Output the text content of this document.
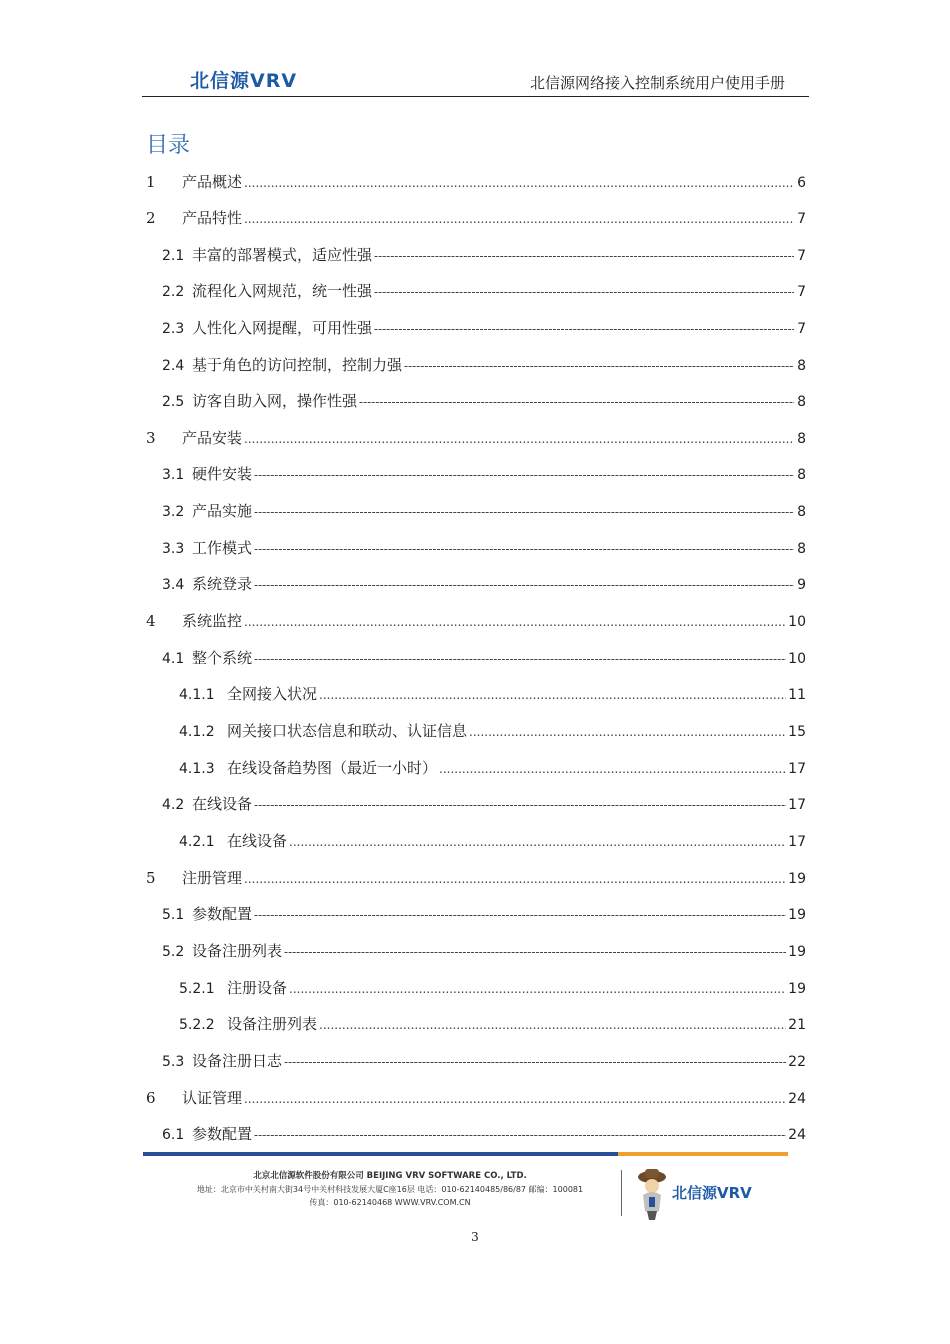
北信源VRV	北信源网络接入控制系统用户使用手册
目录
1	产品概述 .....	6
2	产品特性 .....	7
2.1 丰富的部署模式，适应性强 -----	7
2.2 流程化入网规范，统一性强 -----	7
2.3 人性化入网提醒，可用性强 -----	7
2.4 基于角色的访问控制，控制力强 -----	8
2.5 访客自助入网，操作性强 -----	8
3	产品安装 .....	8
3.1 硬件安装 -----	8
3.2 产品实施 -----	8
3.3 工作模式 -----	8
3.4 系统登录 -----	9
4	系统监控 .....	10
4.1 整个系统 -----	10
4.1.1 全网接入状况 .....	11
4.1.2 网关接口状态信息和联动、认证信息 .....	15
4.1.3 在线设备趋势图（最近一小时） .....	17
4.2 在线设备 -----	17
4.2.1 在线设备 .....	17
5	注册管理 .....	19
5.1 参数配置 -----	19
5.2 设备注册列表 -----	19
5.2.1 注册设备 .....	19
5.2.2 设备注册列表 .....	21
5.3 设备注册日志 -----	22
6	认证管理 .....	24
6.1 参数配置 -----	24
北京北信源软件股份有限公司 BEIJING VRV SOFTWARE CO., LTD.
地址：北京市中关村南大街34号中关村科技发展大厦C座16层 电话：010-62140485/86/87 邮编：100081
传真：010-62140468 WWW.VRV.COM.CN
北信源VRV
3
